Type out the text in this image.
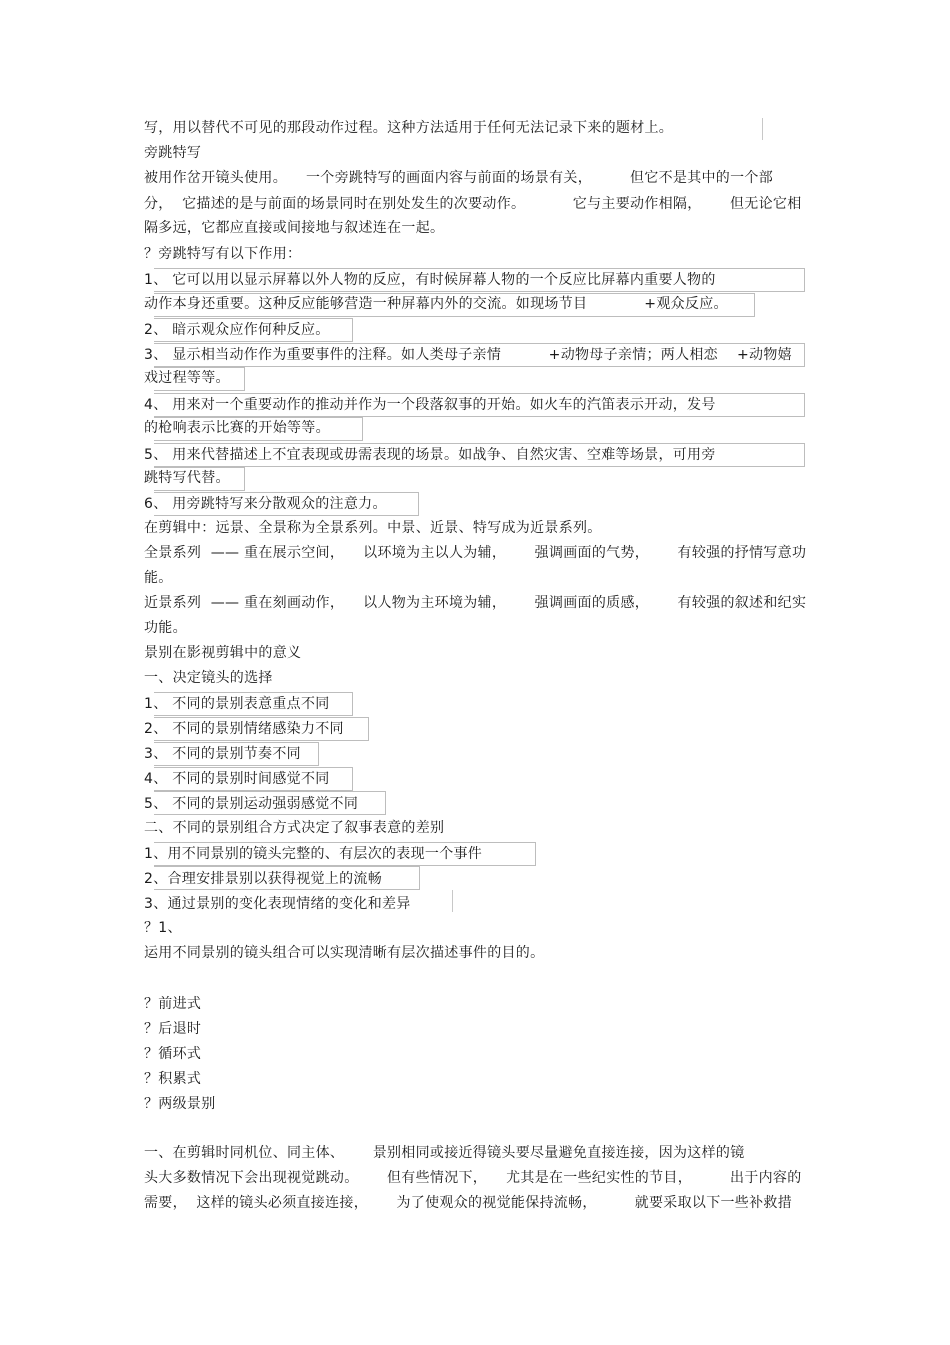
写，用以替代不可见的那段动作过程。这种方法适用于任何无法记录下来的题材上。
旁跳特写
被用作岔开镜头使用。    一个旁跳特写的画面内容与前面的场景有关，        但它不是其中的一个部
分，  它描述的是与前面的场景同时在别处发生的次要动作。          它与主要动作相隔，      但无论它相
隔多远，它都应直接或间接地与叙述连在一起。
？旁跳特写有以下作用：
1、 它可以用以显示屏幕以外人物的反应，有时候屏幕人物的一个反应比屏幕内重要人物的
动作本身还重要。这种反应能够营造一种屏幕内外的交流。如现场节目            +观众反应。
2、 暗示观众应作何种反应。
3、 显示相当动作作为重要事件的注释。如人类母子亲情          +动物母子亲情；两人相恋    +动物嬉
戏过程等等。
4、 用来对一个重要动作的推动并作为一个段落叙事的开始。如火车的汽笛表示开动，发号
的枪响表示比赛的开始等等。
5、 用来代替描述上不宜表现或毋需表现的场景。如战争、自然灾害、空难等场景，可用旁
跳特写代替。
6、 用旁跳特写来分散观众的注意力。
在剪辑中：远景、全景称为全景系列。中景、近景、特写成为近景系列。
全景系列  —— 重在展示空间，    以环境为主以人为辅，      强调画面的气势，      有较强的抒情写意功
能。
近景系列  —— 重在刻画动作，    以人物为主环境为辅，      强调画面的质感，      有较强的叙述和纪实
功能。
景别在影视剪辑中的意义
一、决定镜头的选择
1、 不同的景别表意重点不同
2、 不同的景别情绪感染力不同
3、 不同的景别节奏不同
4、 不同的景别时间感觉不同
5、 不同的景别运动强弱感觉不同
二、不同的景别组合方式决定了叙事表意的差别
1、用不同景别的镜头完整的、有层次的表现一个事件
2、合理安排景别以获得视觉上的流畅
3、通过景别的变化表现情绪的变化和差异
？1、
运用不同景别的镜头组合可以实现清晰有层次描述事件的目的。
？前进式
？后退时
？循环式
？积累式
？两级景别
一、在剪辑时同机位、同主体、      景别相同或接近得镜头要尽量避免直接连接，因为这样的镜
头大多数情况下会出现视觉跳动。      但有些情况下，    尤其是在一些纪实性的节目，        出于内容的
需要，  这样的镜头必须直接连接，      为了使观众的视觉能保持流畅，        就要采取以下一些补救措
